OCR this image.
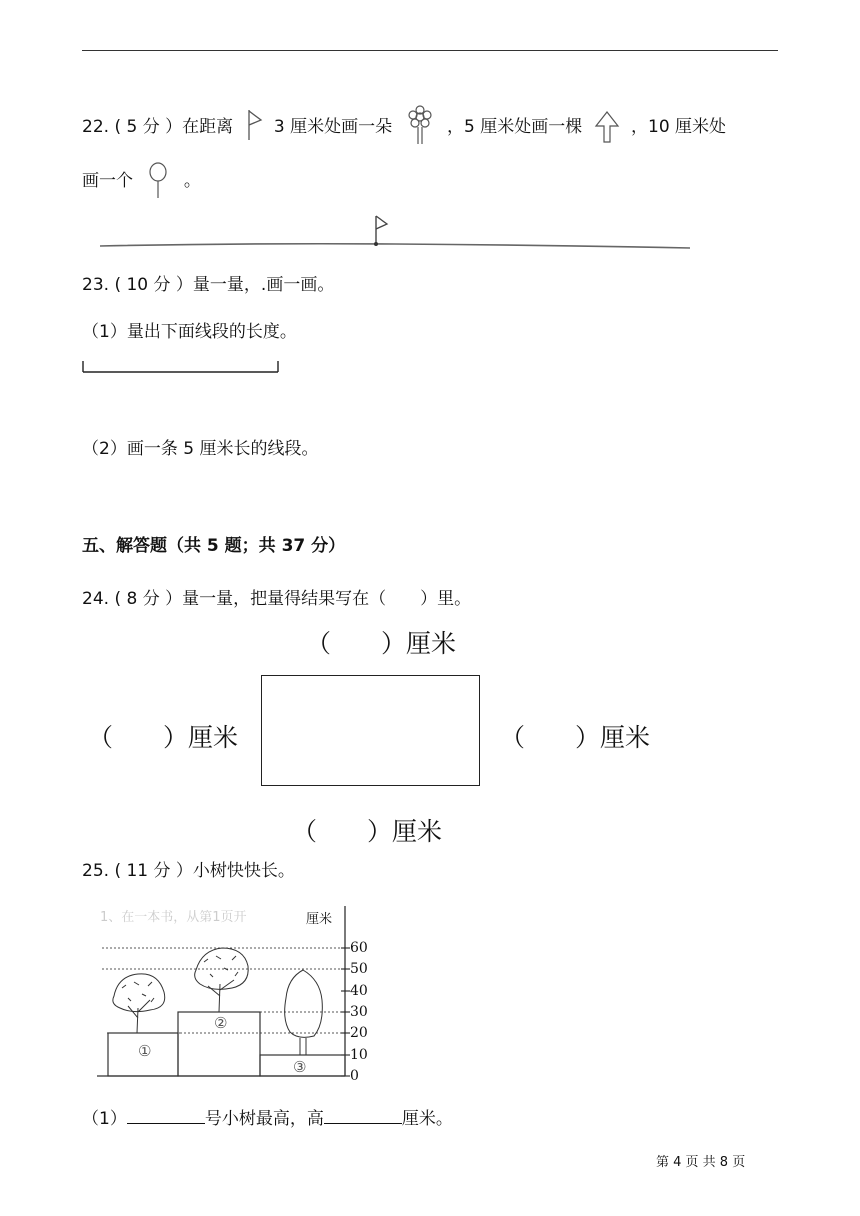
22. ( 5 分 ）在距离 3 厘米处画一朵	，5 厘米处画一棵	，10 厘米处
画一个	。
23. ( 10 分 ）量一量，.画一画。
（1）量出下面线段的长度。
（2）画一条 5 厘米长的线段。
五、解答题（共 5 题；共 37 分）
24. ( 8 分 ）量一量，把量得结果写在（　　）里。
（　　）厘米
（　　）厘米	（　　）厘米
（　　）厘米
25. ( 11 分 ）小树快快长。
1、在一本书，从第1页开	厘米
60
50
40
30
20
10
0
①
②
③
（1）	号小树最高，高	厘米。
第 4 页 共 8 页
